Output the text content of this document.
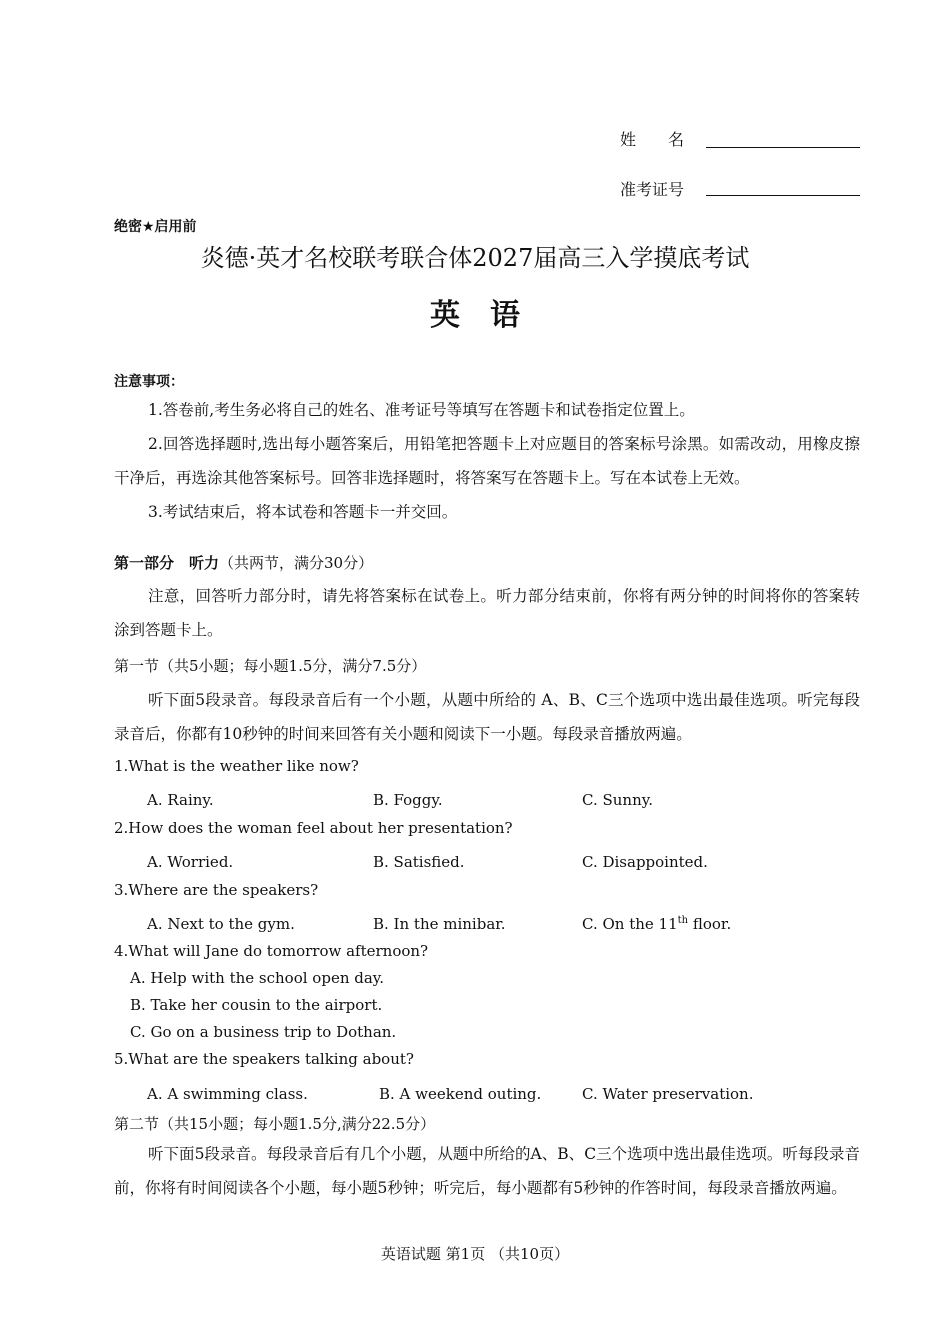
姓　　名
准考证号
绝密★启用前
炎德·英才名校联考联合体2027届高三入学摸底考试
英　语
注意事项：

1.答卷前,考生务必将自己的姓名、准考证号等填写在答题卡和试卷指定位置上。

2.回答选择题时,选出每小题答案后，用铅笔把答题卡上对应题目的答案标号涂黑。如需改动，用橡皮擦干净后，再选涂其他答案标号。回答非选择题时，将答案写在答题卡上。写在本试卷上无效。

3.考试结束后，将本试卷和答题卡一并交回。

第一部分　听力（共两节，满分30分）

注意，回答听力部分时，请先将答案标在试卷上。听力部分结束前，你将有两分钟的时间将你的答案转涂到答题卡上。

第一节（共5小题；每小题1.5分，满分7.5分）

听下面5段录音。每段录音后有一个小题，从题中所给的 A、B、C三个选项中选出最佳选项。听完每段录音后，你都有10秒钟的时间来回答有关小题和阅读下一小题。每段录音播放两遍。

1.What is the weather like now?
A. Rainy.	B. Foggy.	C. Sunny.
2.How does the woman feel about her presentation?
A. Worried.	B. Satisfied.	C. Disappointed.
3.Where are the speakers?
A. Next to the gym.	B. In the minibar.	C. On the 11th floor.
4.What will Jane do tomorrow afternoon?
A. Help with the school open day.
B. Take her cousin to the airport.
C. Go on a business trip to Dothan.
5.What are the speakers talking about?
A. A swimming class.	B. A weekend outing.	C. Water preservation.
第二节（共15小题；每小题1.5分,满分22.5分）

听下面5段录音。每段录音后有几个小题，从题中所给的A、B、C三个选项中选出最佳选项。听每段录音前，你将有时间阅读各个小题，每小题5秒钟；听完后，每小题都有5秒钟的作答时间，每段录音播放两遍。

英语试题 第1页 （共10页）
